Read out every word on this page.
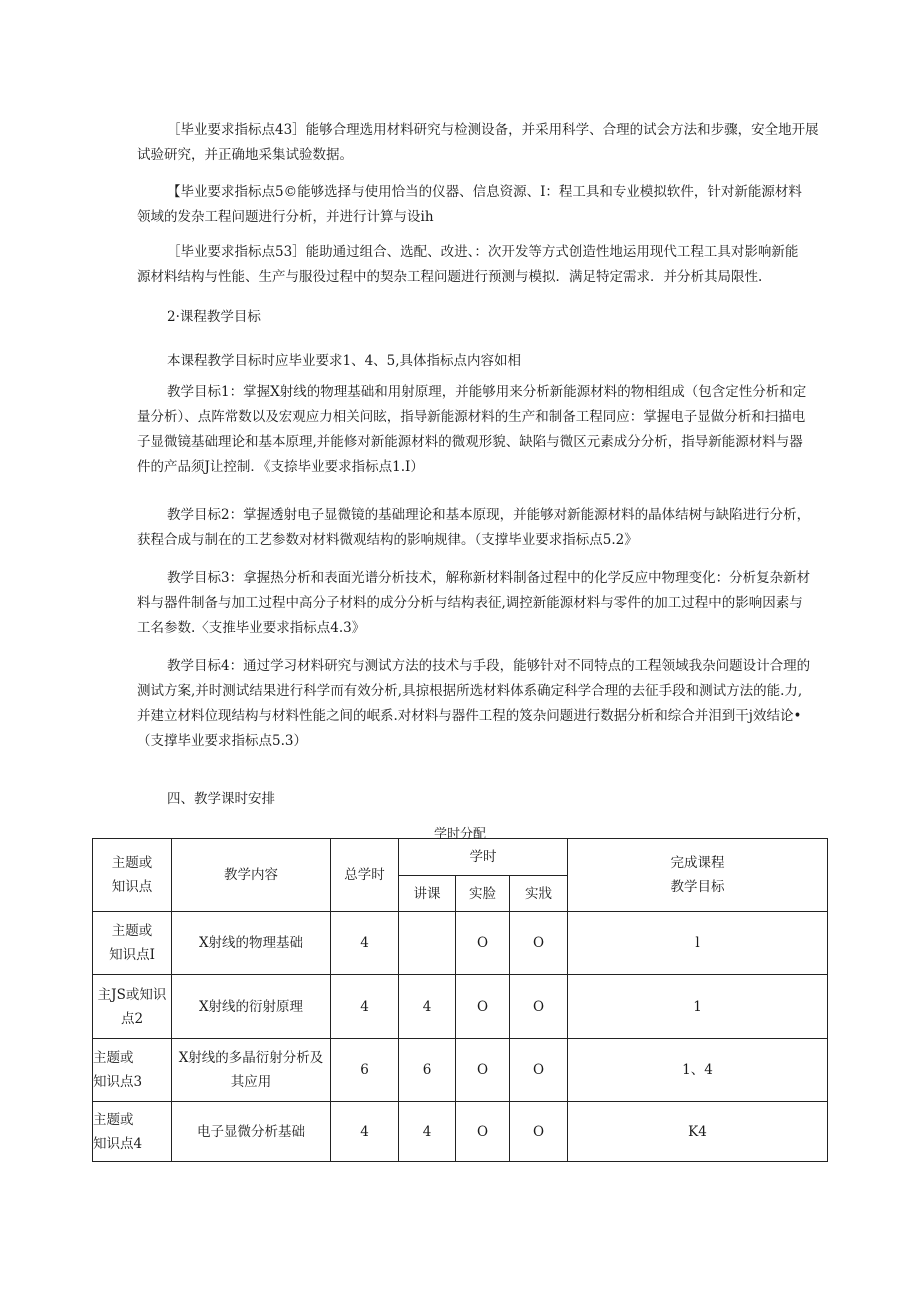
［毕业要求指标点43］能够合理选用材料研究与检测设备，并采用科学、合理的试会方法和步骤，安全地开展
试验研究，并正确地采集试验数据。

【毕业要求指标点5©能够选择与使用恰当的仪器、信息资源、I：程工具和专业模拟软件，针对新能源材料
领域的发杂工程问题进行分析，并进行计算与设ih

［毕业要求指标点53］能助通过组合、选配、改进、：次开发等方式创造性地运用现代工程工具对影响新能
源材料结构与性能、生产与服役过程中的契杂工程问题进行预测与模拟．满足特定需求．并分析其局限性.

2·课程教学目标
本课程教学目标时应毕业要求1、4、5,具体指标点内容如相

教学目标1：掌握X射线的物理基础和用射原理，并能够用来分析新能源材料的物相组成（包含定性分析和定
量分析）、点阵常数以及宏观应力相关问眩，指导新能源材料的生产和制备工程同应：掌握电子显做分析和扫描电
子显微镜基础理论和基本原理,并能修对新能源材料的微观形貌、缺陷与微区元素成分分析，指导新能源材料与器
件的产品须J让控制．《支捺毕业要求指标点1.I）

教学目标2：掌握透射电子显微镜的基础理论和基本原现，并能够对新能源材料的晶体结树与缺陷进行分析，
获程合成与制在的工艺参数对材料微观结构的影响规律。（支撑毕业要求指标点5.2》

教学目标3：拿握热分析和表面光谱分析技术，解称新材料制备过程中的化学反应中物理变化：分析复杂新材
料与器件制备与加工过程中高分子材料的成分分析与结构表征,调控新能源材料与零件的加工过程中的影响因素与
工名参数.〈支推毕业要求指标点4.3》

教学目标4：通过学习材料研究与测试方法的技术与手段，能够针对不同特点的工程领域我杂问题设计合理的
测试方案,并时测试结果进行科学而有效分析,具掠根据所选材料体系确定科学合理的去征手段和测试方法的能.力,
并建立材料位现结构与材料性能之间的岷系.对材料与器件工程的笈杂问题进行数据分析和综合并泪到干j效结论•
（支撑毕业要求指标点5.3）

四、教学课时安排
学时分配
主题或
知识点	教学内容	总学时	学时			完成课程
教学目标

			讲课	实脸	实戕	

主题或
知识点I	X射线的物理基础	4		O	O	l

主JS或知识
点2	X射线的衍射原理	4	4	O	O	1

主题或
知识点3	X射线的多晶衍射分析及
其应用	6	6	O	O	1、4

主题或
知识点4	电子显微分析基础	4	4	O	O	K4
